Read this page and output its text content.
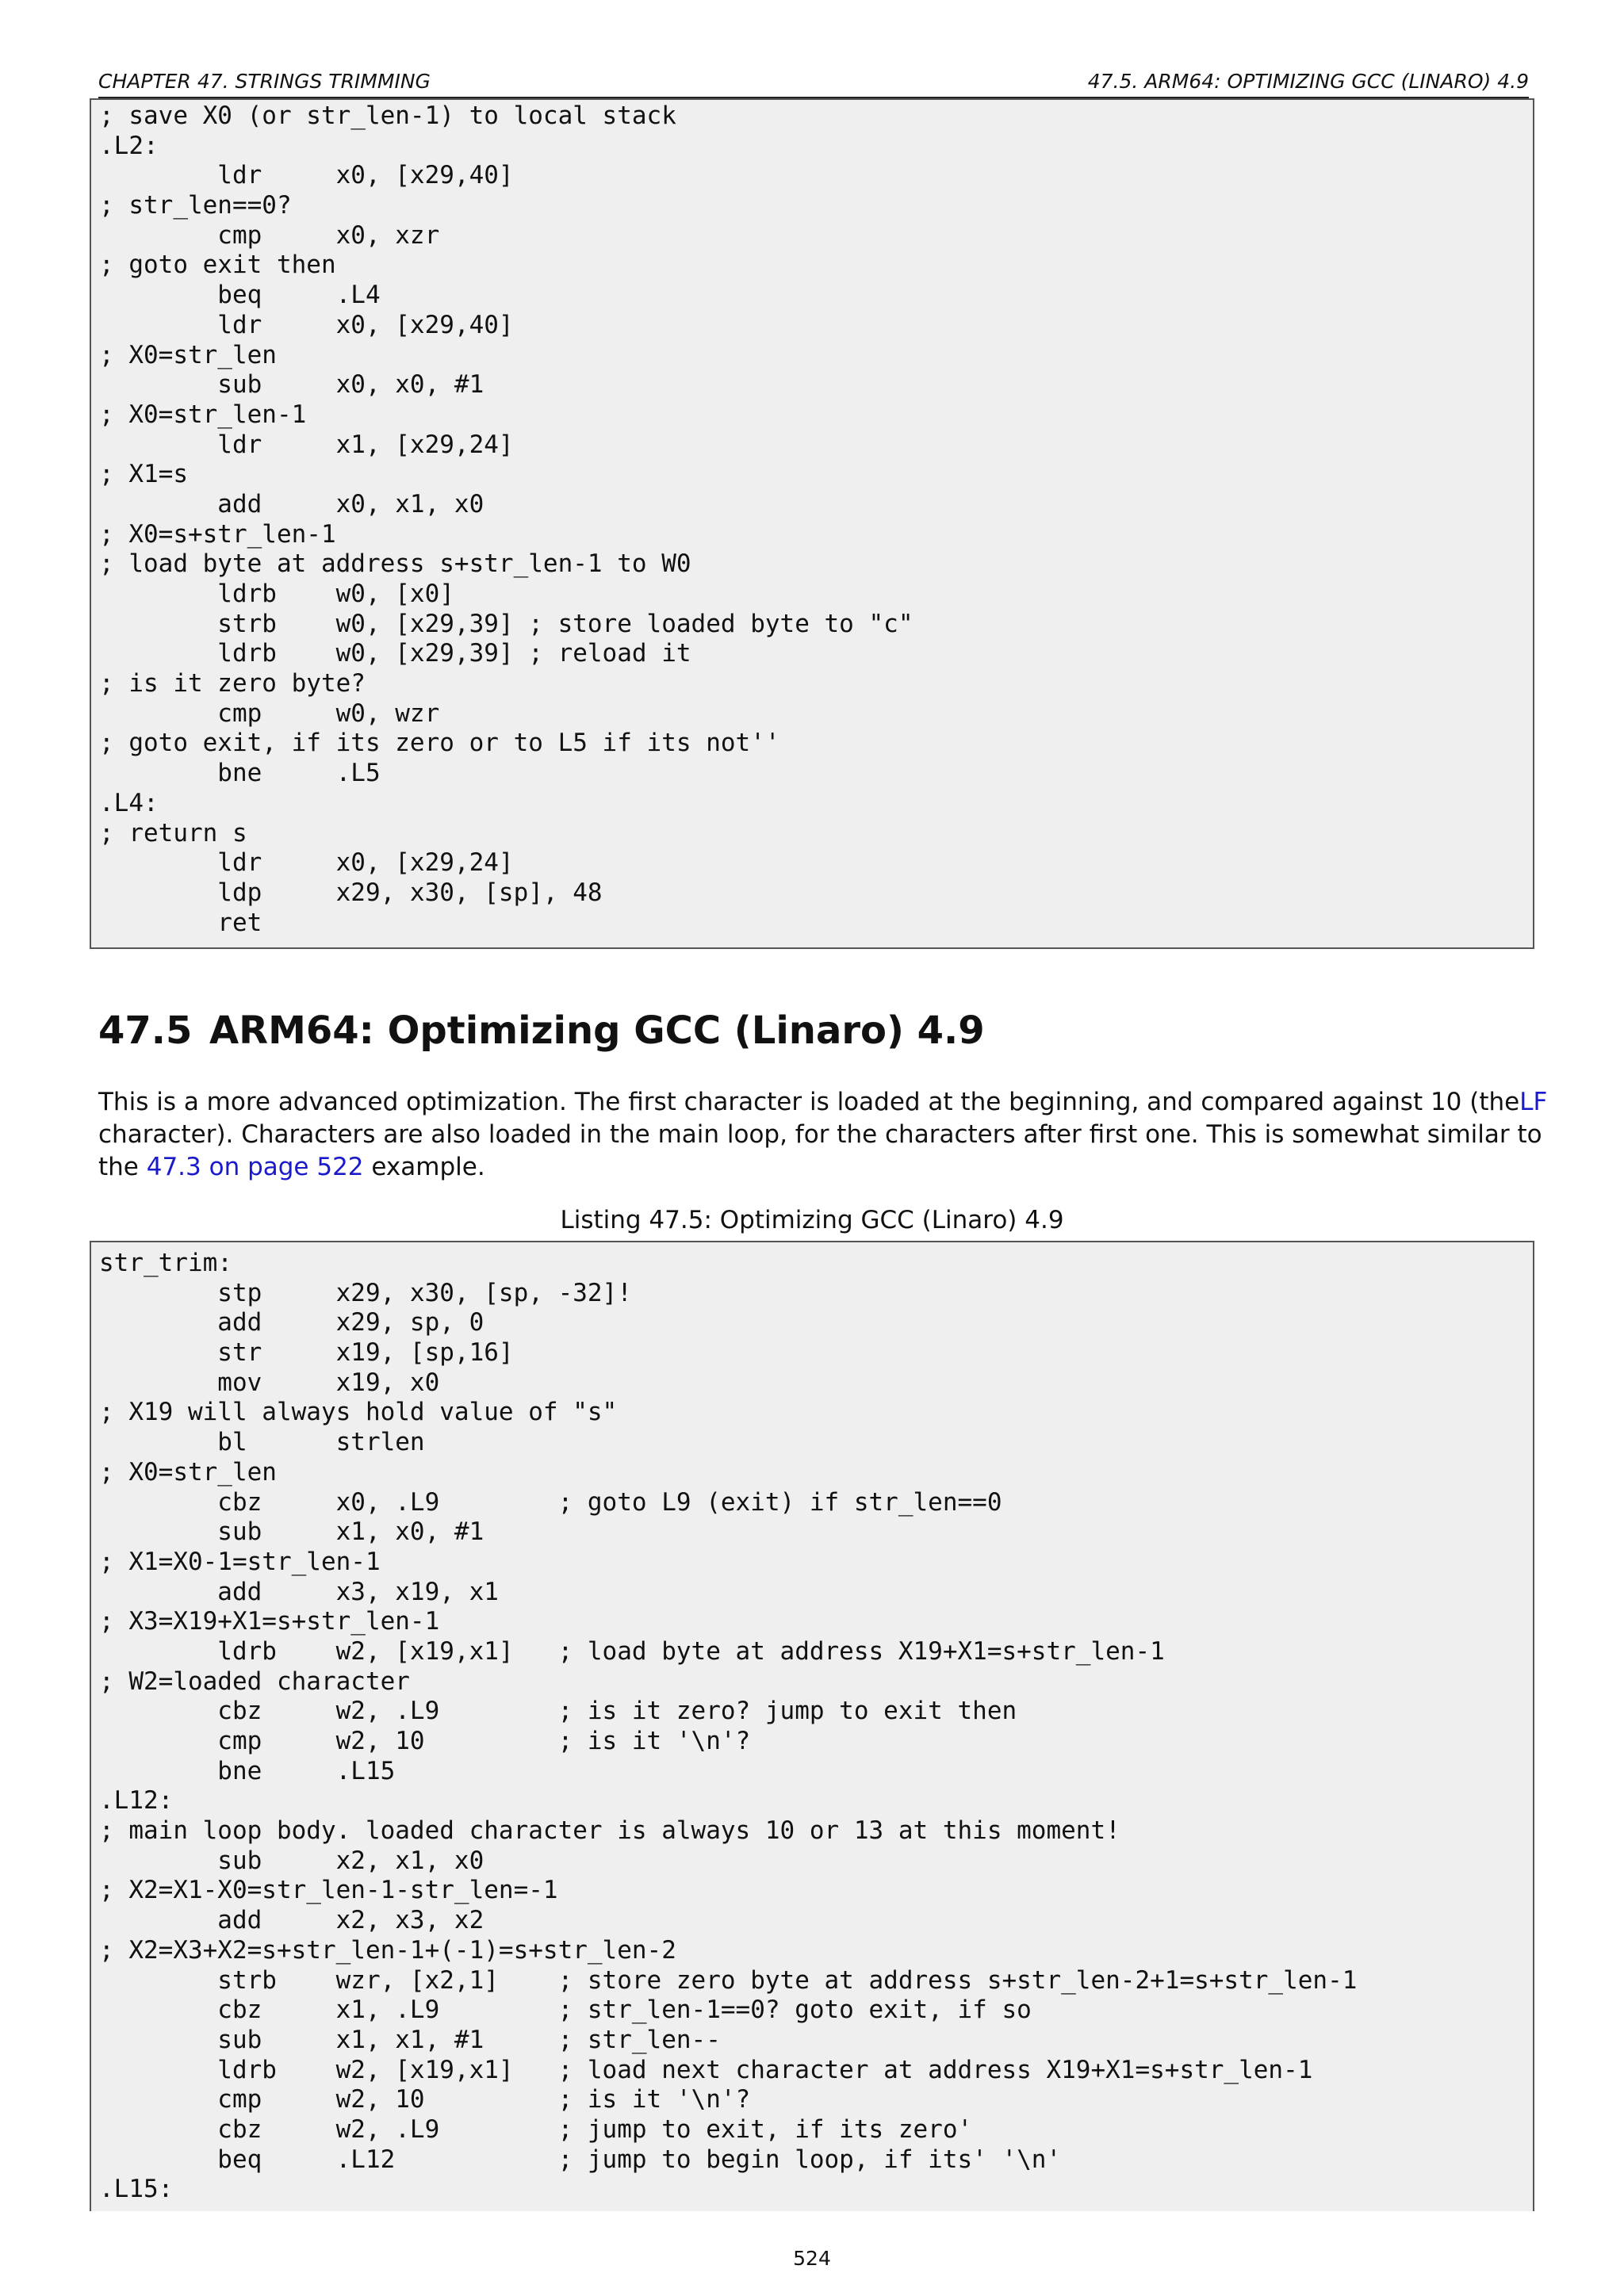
CHAPTER 47. STRINGS TRIMMING	47.5. ARM64: OPTIMIZING GCC (LINARO) 4.9
; save X0 (or str_len-1) to local stack
.L2:
ldr     x0, [x29,40]
; str_len==0?
cmp     x0, xzr
; goto exit then
beq     .L4
ldr     x0, [x29,40]
; X0=str_len
sub     x0, x0, #1
; X0=str_len-1
ldr     x1, [x29,24]
; X1=s
add     x0, x1, x0
; X0=s+str_len-1
; load byte at address s+str_len-1 to W0
ldrb    w0, [x0]
strb    w0, [x29,39] ; store loaded byte to "c"
ldrb    w0, [x29,39] ; reload it
; is it zero byte?
cmp     w0, wzr
; goto exit, if its zero or to L5 if its not''
bne     .L5
.L4:
; return s
ldr     x0, [x29,24]
ldp     x29, x30, [sp], 48
ret
47.5 ARM64: Optimizing GCC (Linaro) 4.9
This is a more advanced optimization. The first character is loaded at the beginning, and compared against 10 (the LF
character). Characters are also loaded in the main loop, for the characters after first one. This is somewhat similar to
the 47.3 on page 522 example.
Listing 47.5: Optimizing GCC (Linaro) 4.9
str_trim:
stp     x29, x30, [sp, -32]!
add     x29, sp, 0
str     x19, [sp,16]
mov     x19, x0
; X19 will always hold value of "s"
bl      strlen
; X0=str_len
cbz     x0, .L9        ; goto L9 (exit) if str_len==0
sub     x1, x0, #1
; X1=X0-1=str_len-1
add     x3, x19, x1
; X3=X19+X1=s+str_len-1
ldrb    w2, [x19,x1]   ; load byte at address X19+X1=s+str_len-1
; W2=loaded character
cbz     w2, .L9        ; is it zero? jump to exit then
cmp     w2, 10         ; is it '\n'?
bne     .L15
.L12:
; main loop body. loaded character is always 10 or 13 at this moment!
sub     x2, x1, x0
; X2=X1-X0=str_len-1-str_len=-1
add     x2, x3, x2
; X2=X3+X2=s+str_len-1+(-1)=s+str_len-2
strb    wzr, [x2,1]    ; store zero byte at address s+str_len-2+1=s+str_len-1
cbz     x1, .L9        ; str_len-1==0? goto exit, if so
sub     x1, x1, #1     ; str_len--
ldrb    w2, [x19,x1]   ; load next character at address X19+X1=s+str_len-1
cmp     w2, 10         ; is it '\n'?
cbz     w2, .L9        ; jump to exit, if its zero'
beq     .L12           ; jump to begin loop, if its' '\n'
.L15:
524
